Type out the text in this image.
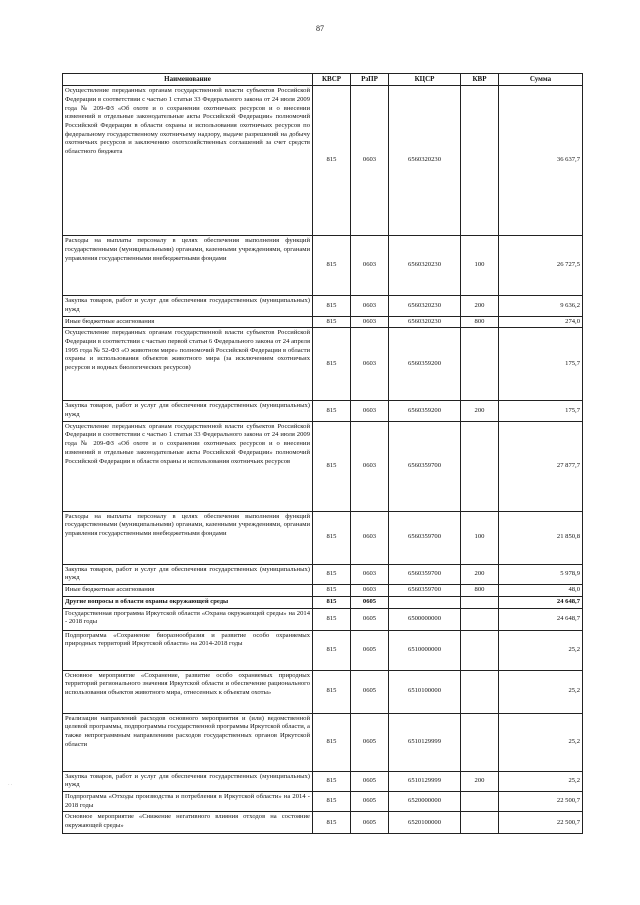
87
Наименование	КВСР	РзПР	КЦСР	КВР	Сумма
Осуществление переданных органам государственной власти субъектов Российской Федерации в соответствии с частью 1 статьи 33 Федерального закона от 24 июля 2009 года № 209-ФЗ «Об охоте и о сохранении охотничьих ресурсов и о внесении изменений в отдельные законодательные акты Российской Федерации» полномочий Российской Федерации в области охраны и использования охотничьих ресурсов по федеральному государственному охотничьему надзору, выдаче разрешений на добычу охотничьих ресурсов и заключению охотхозяйственных соглашений за счет средств областного бюджета	815	0603	6560320230		36 637,7
Расходы на выплаты персоналу в целях обеспечения выполнения функций государственными (муниципальными) органами, казенными учреждениями, органами управления государственными внебюджетными фондами	815	0603	6560320230	100	26 727,5
Закупка товаров, работ и услуг для обеспечения государственных (муниципальных) нужд	815	0603	6560320230	200	9 636,2
Иные бюджетные ассигнования	815	0603	6560320230	800	274,0
Осуществление переданных органам государственной власти субъектов Российской Федерации в соответствии с частью первой статьи 6 Федерального закона от 24 апреля 1995 года № 52-ФЗ «О животном мире» полномочий Российской Федерации в области охраны и использования объектов животного мира (за исключением охотничьих ресурсов и водных биологических ресурсов)	815	0603	6560359200		175,7
Закупка товаров, работ и услуг для обеспечения государственных (муниципальных) нужд	815	0603	6560359200	200	175,7
Осуществление переданных органам государственной власти субъектов Российской Федерации в соответствии с частью 1 статьи 33 Федерального закона от 24 июля 2009 года № 209-ФЗ «Об охоте и о сохранении охотничьих ресурсов и о внесении изменений в отдельные законодательные акты Российской Федерации» полномочий Российской Федерации в области охраны и использования охотничьих ресурсов	815	0603	6560359700		27 877,7
Расходы на выплаты персоналу в целях обеспечения выполнения функций государственными (муниципальными) органами, казенными учреждениями, органами управления государственными внебюджетными фондами	815	0603	6560359700	100	21 850,8
Закупка товаров, работ и услуг для обеспечения государственных (муниципальных) нужд	815	0603	6560359700	200	5 978,9
Иные бюджетные ассигнования	815	0603	6560359700	800	48,0
Другие вопросы в области охраны окружающей среды	815	0605			24 648,7
Государственная программа Иркутской области «Охрана окружающей среды» на 2014 - 2018 годы	815	0605	6500000000		24 648,7
Подпрограмма «Сохранение биоразнообразия и развитие особо охраняемых природных территорий Иркутской области» на 2014-2018 годы	815	0605	6510000000		25,2
Основное мероприятие «Сохранение, развитие особо охраняемых природных территорий регионального значения Иркутской области и обеспечение рационального использования объектов животного мира, отнесенных к объектам охоты»	815	0605	6510100000		25,2
Реализация направлений расходов основного мероприятия и (или) ведомственной целевой программы, подпрограммы государственной программы Иркутской области, а также непрограммным направлениям расходов государственных органов Иркутской области	815	0605	6510129999		25,2
Закупка товаров, работ и услуг для обеспечения государственных (муниципальных) нужд	815	0605	6510129999	200	25,2
Подпрограмма «Отходы производства и потребления в Иркутской области» на 2014 - 2018 годы	815	0605	6520000000		22 500,7
Основное мероприятие «Снижение негативного влияния отходов на состояние окружающей среды»	815	0605	6520100000		22 500,7
· ·
